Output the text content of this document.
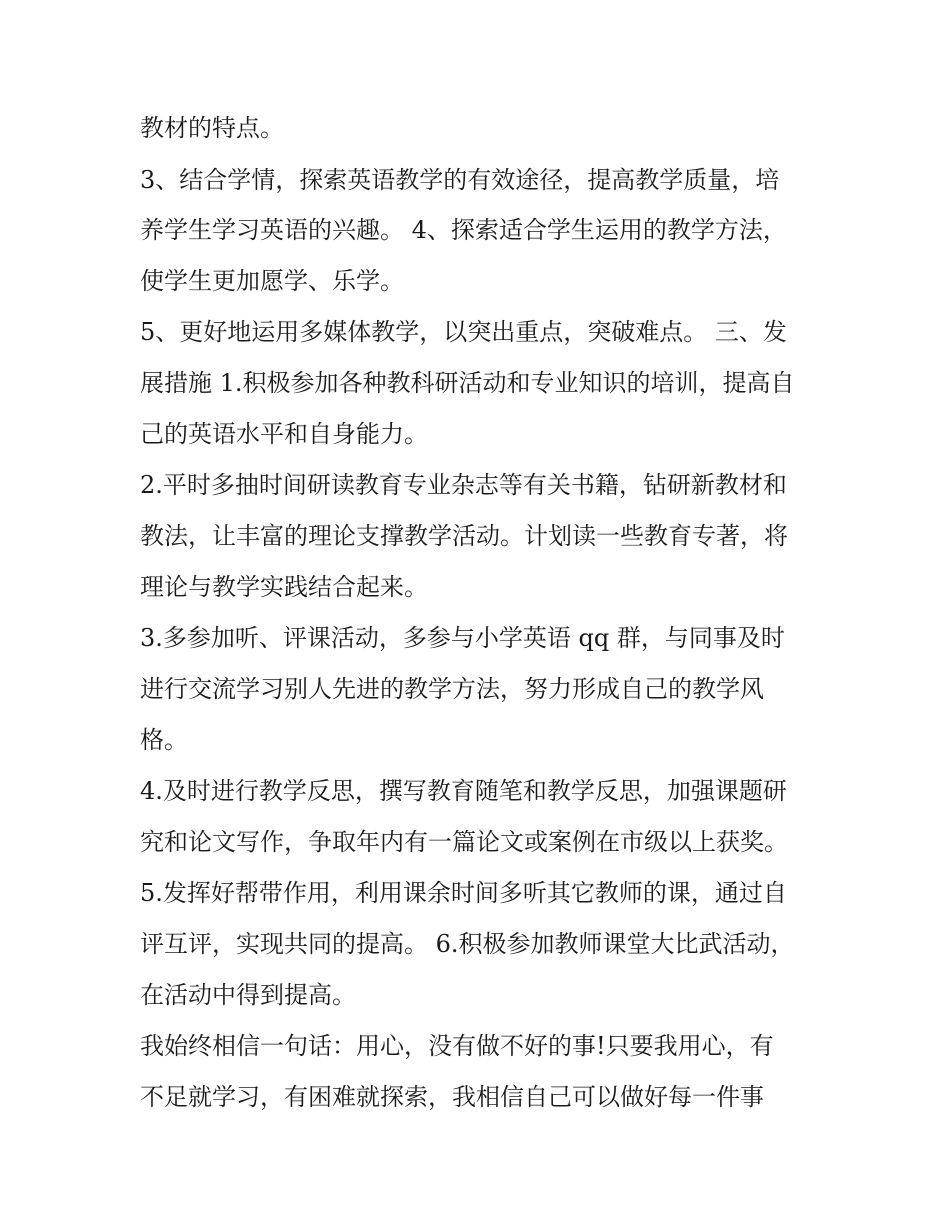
教材的特点。
3、结合学情，探索英语教学的有效途径，提高教学质量，培
养学生学习英语的兴趣。 4、探索适合学生运用的教学方法，
使学生更加愿学、乐学。
5、更好地运用多媒体教学，以突出重点，突破难点。 三、发
展措施 1.积极参加各种教科研活动和专业知识的培训，提高自
己的英语水平和自身能力。
2.平时多抽时间研读教育专业杂志等有关书籍，钻研新教材和
教法，让丰富的理论支撑教学活动。计划读一些教育专著，将
理论与教学实践结合起来。
3.多参加听、评课活动，多参与小学英语 qq 群，与同事及时
进行交流学习别人先进的教学方法，努力形成自己的教学风
格。
4.及时进行教学反思，撰写教育随笔和教学反思，加强课题研
究和论文写作，争取年内有一篇论文或案例在市级以上获奖。
5.发挥好帮带作用，利用课余时间多听其它教师的课，通过自
评互评，实现共同的提高。 6.积极参加教师课堂大比武活动，
在活动中得到提高。
我始终相信一句话：用心，没有做不好的事!只要我用心，有
不足就学习，有困难就探索，我相信自己可以做好每一件事
